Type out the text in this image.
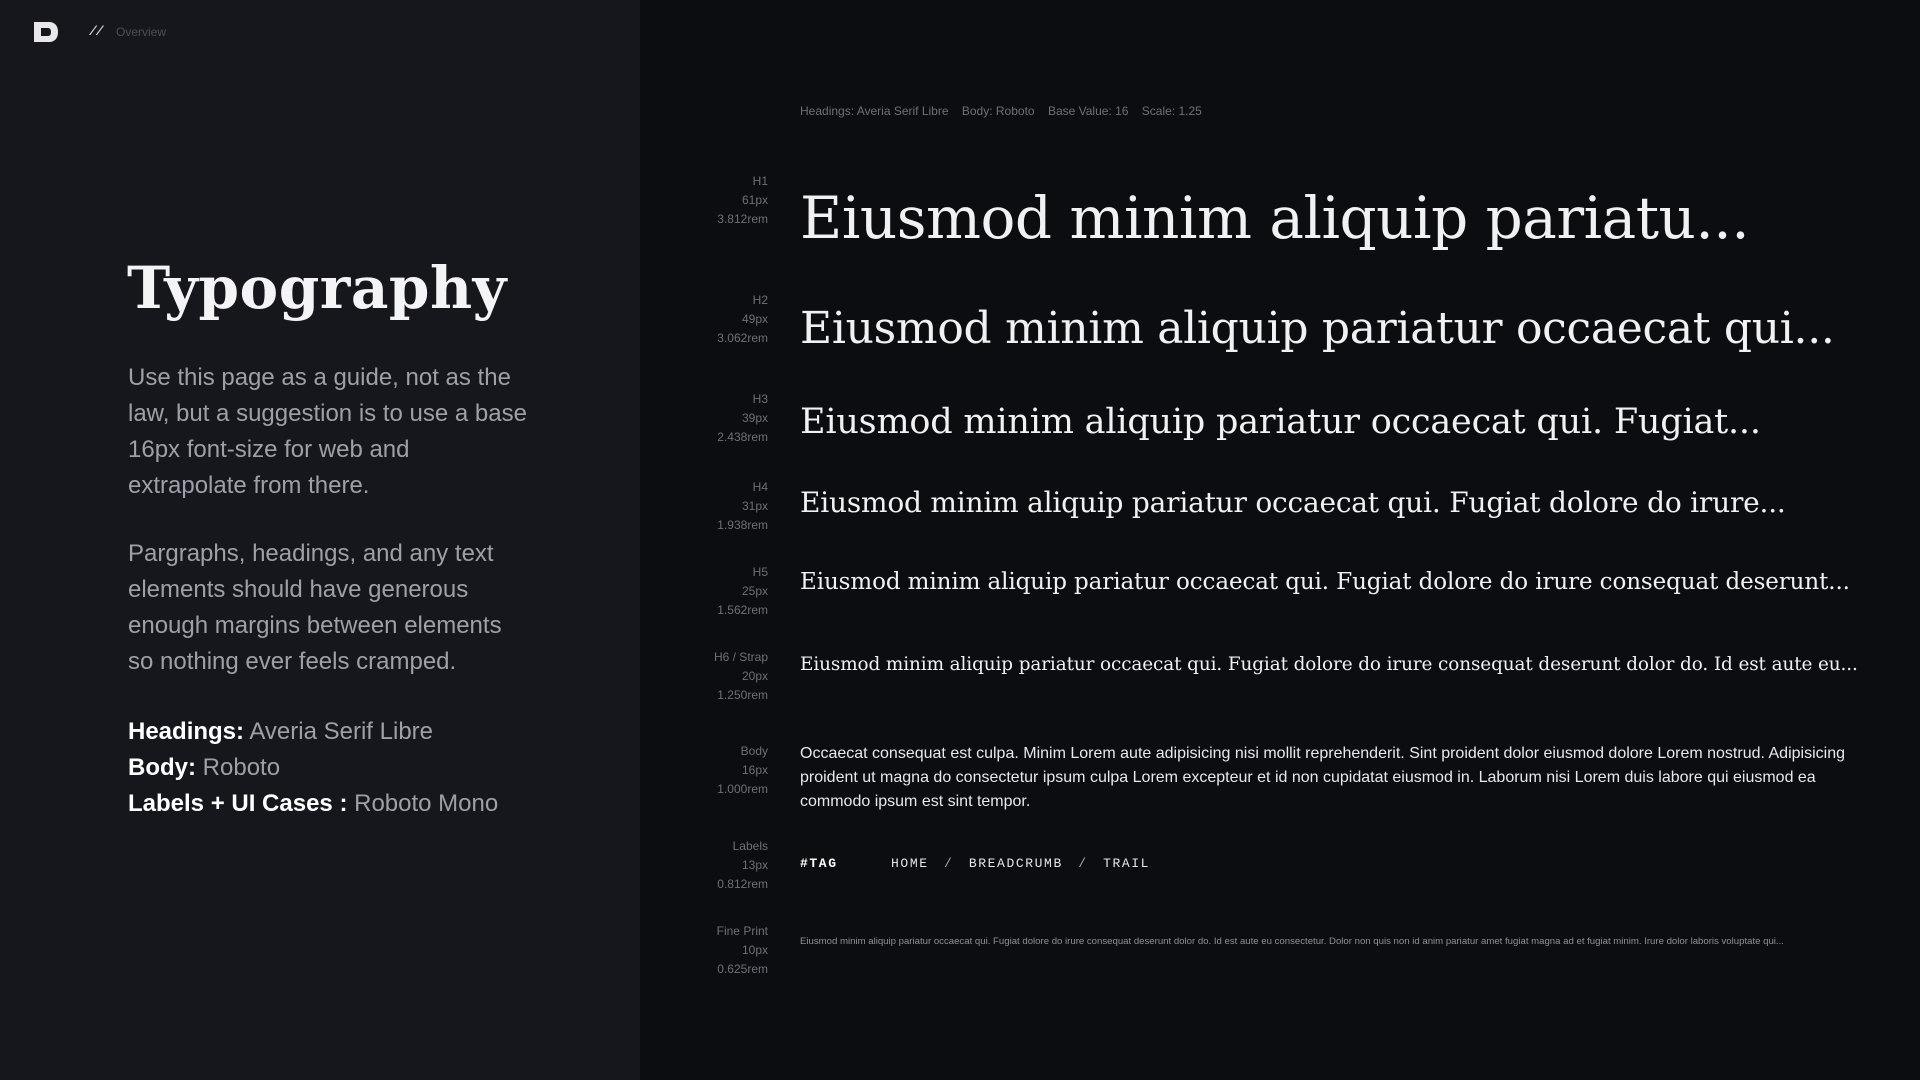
// Overview
Typography

Use this page as a guide, not as the law, but a suggestion is to use a base 16px font-size for web and extrapolate from there.

Pargraphs, headings, and any text elements should have generous enough margins between elements so nothing ever feels cramped.

Headings: Averia Serif Libre
Body: Roboto
Labels + UI Cases : Roboto Mono
Headings: Averia Serif Libre Body: Roboto Base Value: 16 Scale: 1.25
H1
61px
3.812rem Eiusmod minim aliquip pariatu...
H2
49px
3.062rem Eiusmod minim aliquip pariatur occaecat qui...
H3
39px
2.438rem Eiusmod minim aliquip pariatur occaecat qui. Fugiat...
H4
31px
1.938rem
Eiusmod minim aliquip pariatur occaecat qui. Fugiat dolore do irure...
H5
25px
1.562rem
Eiusmod minim aliquip pariatur occaecat qui. Fugiat dolore do irure consequat deserunt...
H6 / Strap
20px
1.250rem
Eiusmod minim aliquip pariatur occaecat qui. Fugiat dolore do irure consequat deserunt dolor do. Id est aute eu...
Body
16px
1.000rem
Occaecat consequat est culpa. Minim Lorem aute adipisicing nisi mollit reprehenderit. Sint proident dolor eiusmod dolore Lorem nostrud. Adipisicing proident ut magna do consectetur ipsum culpa Lorem excepteur et id non cupidatat eiusmod in. Laborum nisi Lorem duis labore qui eiusmod ea commodo ipsum est sint tempor.
Labels
13px
0.812rem
#TAG	HOME / BREADCRUMB / TRAIL
Fine Print
10px
0.625rem
Eiusmod minim aliquip pariatur occaecat qui. Fugiat dolore do irure consequat deserunt dolor do. Id est aute eu consectetur. Dolor non quis non id anim pariatur amet fugiat magna ad et fugiat minim. Irure dolor laboris voluptate qui...
